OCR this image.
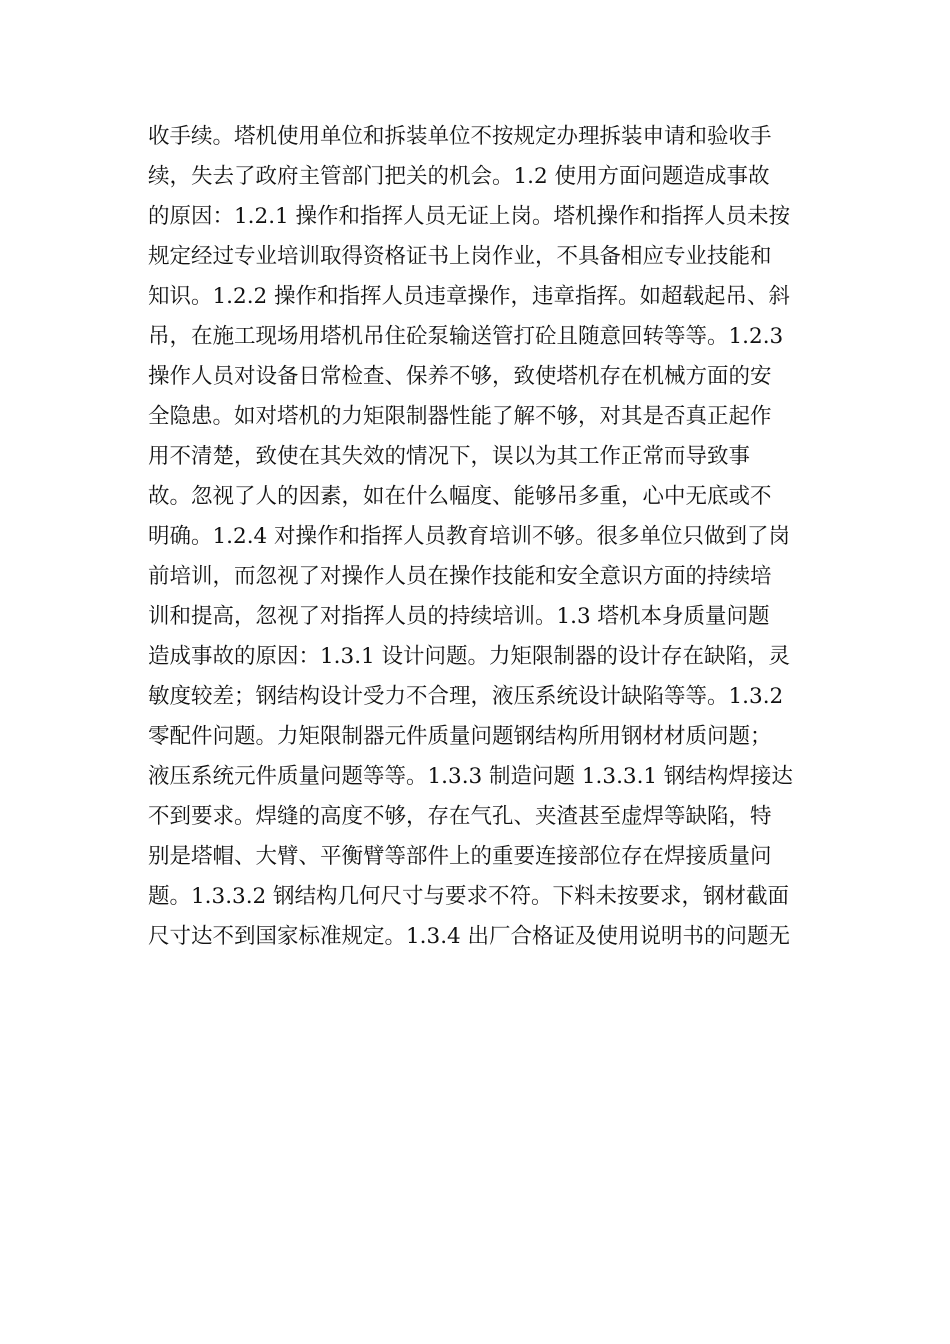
收手续。塔机使用单位和拆装单位不按规定办理拆装申请和验收手
续，失去了政府主管部门把关的机会。1.2 使用方面问题造成事故
的原因：1.2.1 操作和指挥人员无证上岗。塔机操作和指挥人员未按
规定经过专业培训取得资格证书上岗作业，不具备相应专业技能和
知识。1.2.2 操作和指挥人员违章操作，违章指挥。如超载起吊、斜
吊，在施工现场用塔机吊住砼泵输送管打砼且随意回转等等。1.2.3
操作人员对设备日常检查、保养不够，致使塔机存在机械方面的安
全隐患。如对塔机的力矩限制器性能了解不够，对其是否真正起作
用不清楚，致使在其失效的情况下，误以为其工作正常而导致事
故。忽视了人的因素，如在什么幅度、能够吊多重，心中无底或不
明确。1.2.4 对操作和指挥人员教育培训不够。很多单位只做到了岗
前培训，而忽视了对操作人员在操作技能和安全意识方面的持续培
训和提高，忽视了对指挥人员的持续培训。1.3 塔机本身质量问题
造成事故的原因：1.3.1 设计问题。力矩限制器的设计存在缺陷，灵
敏度较差；钢结构设计受力不合理，液压系统设计缺陷等等。1.3.2
零配件问题。力矩限制器元件质量问题钢结构所用钢材材质问题；
液压系统元件质量问题等等。1.3.3 制造问题 1.3.3.1 钢结构焊接达
不到要求。焊缝的高度不够，存在气孔、夹渣甚至虚焊等缺陷，特
别是塔帽、大臂、平衡臂等部件上的重要连接部位存在焊接质量问
题。1.3.3.2 钢结构几何尺寸与要求不符。下料未按要求，钢材截面
尺寸达不到国家标准规定。1.3.4 出厂合格证及使用说明书的问题无
